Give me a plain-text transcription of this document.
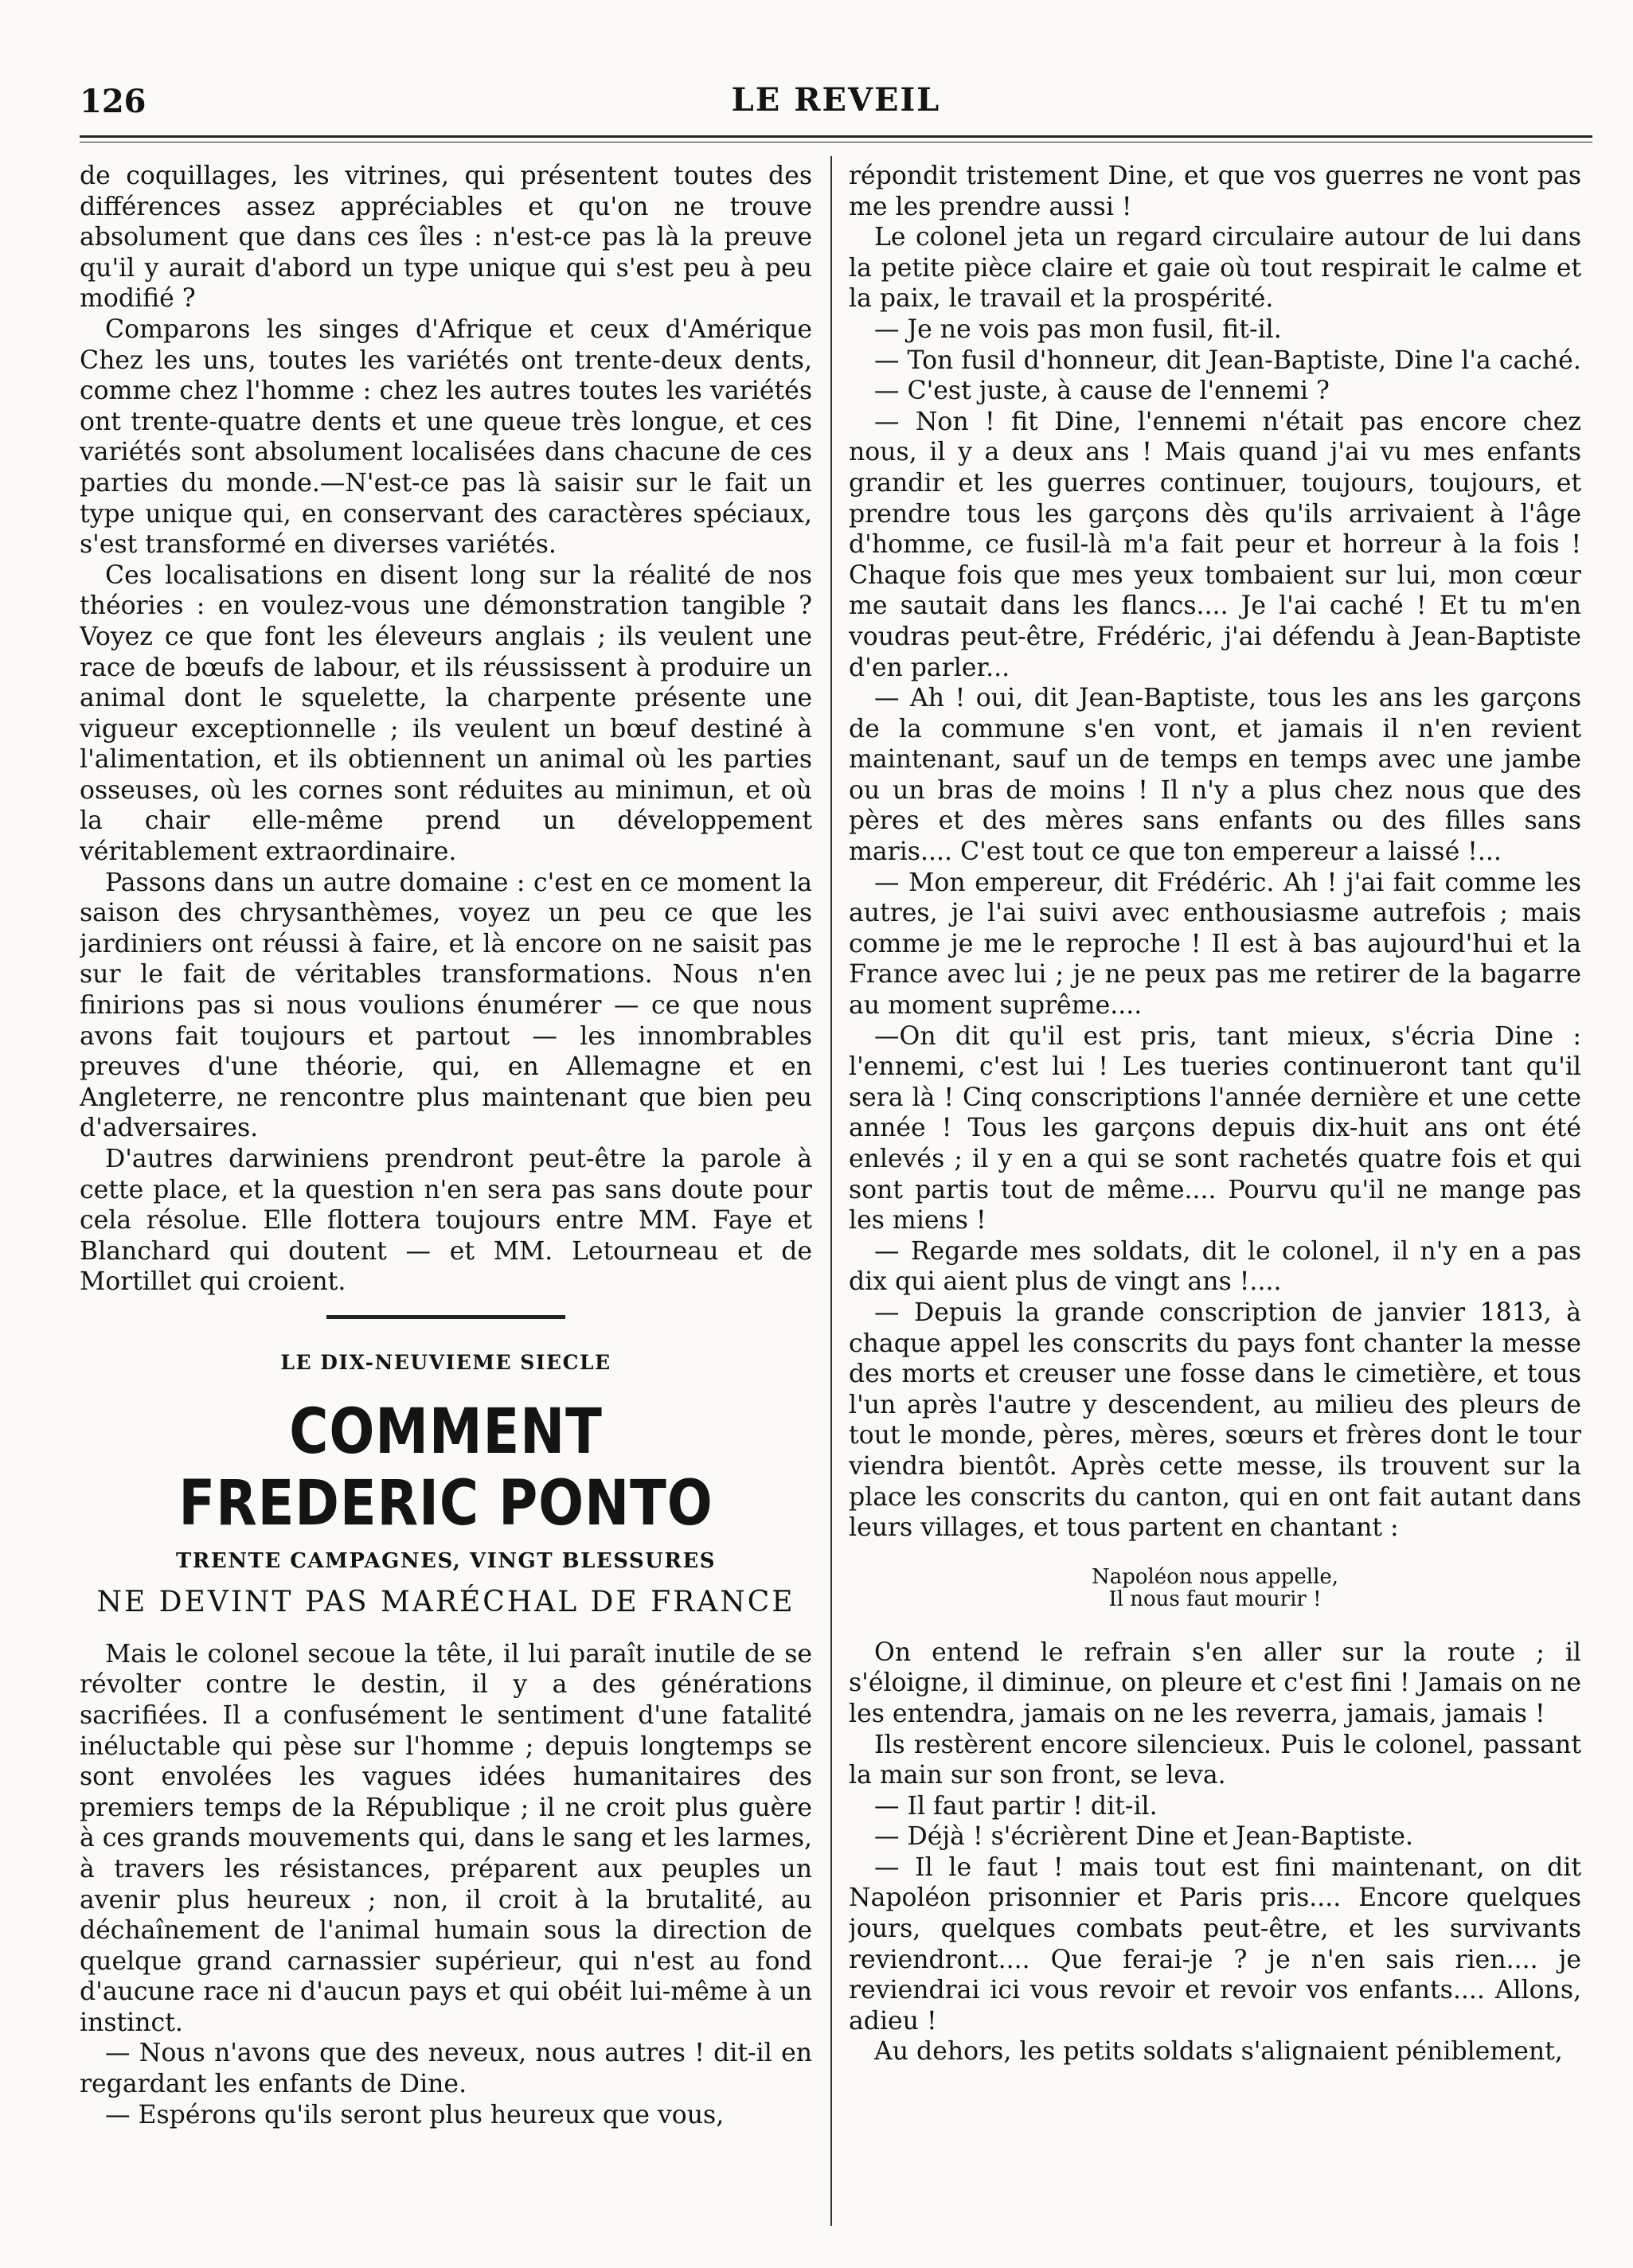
126	LE REVEIL

de coquillages, les vitrines, qui présentent toutes des différences assez appréciables et qu'on ne trouve absolument que dans ces îles : n'est-ce pas là la preuve qu'il y aurait d'abord un type unique qui s'est peu à peu modifié ?

Comparons les singes d'Afrique et ceux d'Amérique Chez les uns, toutes les variétés ont trente-deux dents, comme chez l'homme : chez les autres toutes les variétés ont trente-quatre dents et une queue très longue, et ces variétés sont absolument localisées dans chacune de ces parties du monde.—N'est-ce pas là saisir sur le fait un type unique qui, en conservant des caractères spéciaux, s'est transformé en diverses variétés.

Ces localisations en disent long sur la réalité de nos théories : en voulez-vous une démonstration tangible ? Voyez ce que font les éleveurs anglais ; ils veulent une race de bœufs de labour, et ils réussissent à produire un animal dont le squelette, la charpente présente une vigueur exceptionnelle ; ils veulent un bœuf destiné à l'alimentation, et ils obtiennent un animal où les parties osseuses, où les cornes sont réduites au minimun, et où la chair elle-même prend un développement véritablement extraordinaire.

Passons dans un autre domaine : c'est en ce moment la saison des chrysanthèmes, voyez un peu ce que les jardiniers ont réussi à faire, et là encore on ne saisit pas sur le fait de véritables transformations. Nous n'en finirions pas si nous voulions énumérer — ce que nous avons fait toujours et partout — les innombrables preuves d'une théorie, qui, en Allemagne et en Angleterre, ne rencontre plus maintenant que bien peu d'adversaires.

D'autres darwiniens prendront peut-être la parole à cette place, et la question n'en sera pas sans doute pour cela résolue. Elle flottera toujours entre MM. Faye et Blanchard qui doutent — et MM. Letourneau et de Mortillet qui croient.

LE DIX-NEUVIEME SIECLE
COMMENT FREDERIC PONTO
TRENTE CAMPAGNES, VINGT BLESSURES
NE DEVINT PAS MARÉCHAL DE FRANCE

Mais le colonel secoue la tête, il lui paraît inutile de se révolter contre le destin, il y a des générations sacrifiées. Il a confusément le sentiment d'une fatalité inéluctable qui pèse sur l'homme ; depuis longtemps se sont envolées les vagues idées humanitaires des premiers temps de la République ; il ne croit plus guère à ces grands mouvements qui, dans le sang et les larmes, à travers les résistances, préparent aux peuples un avenir plus heureux ; non, il croit à la brutalité, au déchaînement de l'animal humain sous la direction de quelque grand carnassier supérieur, qui n'est au fond d'aucune race ni d'aucun pays et qui obéit lui-même à un instinct.

— Nous n'avons que des neveux, nous autres ! dit-il en regardant les enfants de Dine.

— Espérons qu'ils seront plus heureux que vous,

répondit tristement Dine, et que vos guerres ne vont pas me les prendre aussi !

Le colonel jeta un regard circulaire autour de lui dans la petite pièce claire et gaie où tout respirait le calme et la paix, le travail et la prospérité.

— Je ne vois pas mon fusil, fit-il.

— Ton fusil d'honneur, dit Jean-Baptiste, Dine l'a caché.

— C'est juste, à cause de l'ennemi ?

— Non ! fit Dine, l'ennemi n'était pas encore chez nous, il y a deux ans ! Mais quand j'ai vu mes enfants grandir et les guerres continuer, toujours, toujours, et prendre tous les garçons dès qu'ils arrivaient à l'âge d'homme, ce fusil-là m'a fait peur et horreur à la fois ! Chaque fois que mes yeux tombaient sur lui, mon cœur me sautait dans les flancs.... Je l'ai caché ! Et tu m'en voudras peut-être, Frédéric, j'ai défendu à Jean-Baptiste d'en parler...

— Ah ! oui, dit Jean-Baptiste, tous les ans les garçons de la commune s'en vont, et jamais il n'en revient maintenant, sauf un de temps en temps avec une jambe ou un bras de moins ! Il n'y a plus chez nous que des pères et des mères sans enfants ou des filles sans maris.... C'est tout ce que ton empereur a laissé !...

— Mon empereur, dit Frédéric. Ah ! j'ai fait comme les autres, je l'ai suivi avec enthousiasme autrefois ; mais comme je me le reproche ! Il est à bas aujourd'hui et la France avec lui ; je ne peux pas me retirer de la bagarre au moment suprême....

—On dit qu'il est pris, tant mieux, s'écria Dine : l'ennemi, c'est lui ! Les tueries continueront tant qu'il sera là ! Cinq conscriptions l'année dernière et une cette année ! Tous les garçons depuis dix-huit ans ont été enlevés ; il y en a qui se sont rachetés quatre fois et qui sont partis tout de même.... Pourvu qu'il ne mange pas les miens !

— Regarde mes soldats, dit le colonel, il n'y en a pas dix qui aient plus de vingt ans !....

— Depuis la grande conscription de janvier 1813, à chaque appel les conscrits du pays font chanter la messe des morts et creuser une fosse dans le cimetière, et tous l'un après l'autre y descendent, au milieu des pleurs de tout le monde, pères, mères, sœurs et frères dont le tour viendra bientôt. Après cette messe, ils trouvent sur la place les conscrits du canton, qui en ont fait autant dans leurs villages, et tous partent en chantant :

Napoléon nous appelle,
Il nous faut mourir !

On entend le refrain s'en aller sur la route ; il s'éloigne, il diminue, on pleure et c'est fini ! Jamais on ne les entendra, jamais on ne les reverra, jamais, jamais !

Ils restèrent encore silencieux. Puis le colonel, passant la main sur son front, se leva.

— Il faut partir ! dit-il.

— Déjà ! s'écrièrent Dine et Jean-Baptiste.

— Il le faut ! mais tout est fini maintenant, on dit Napoléon prisonnier et Paris pris.... Encore quelques jours, quelques combats peut-être, et les survivants reviendront.... Que ferai-je ? je n'en sais rien.... je reviendrai ici vous revoir et revoir vos enfants.... Allons, adieu !

Au dehors, les petits soldats s'alignaient péniblement,
